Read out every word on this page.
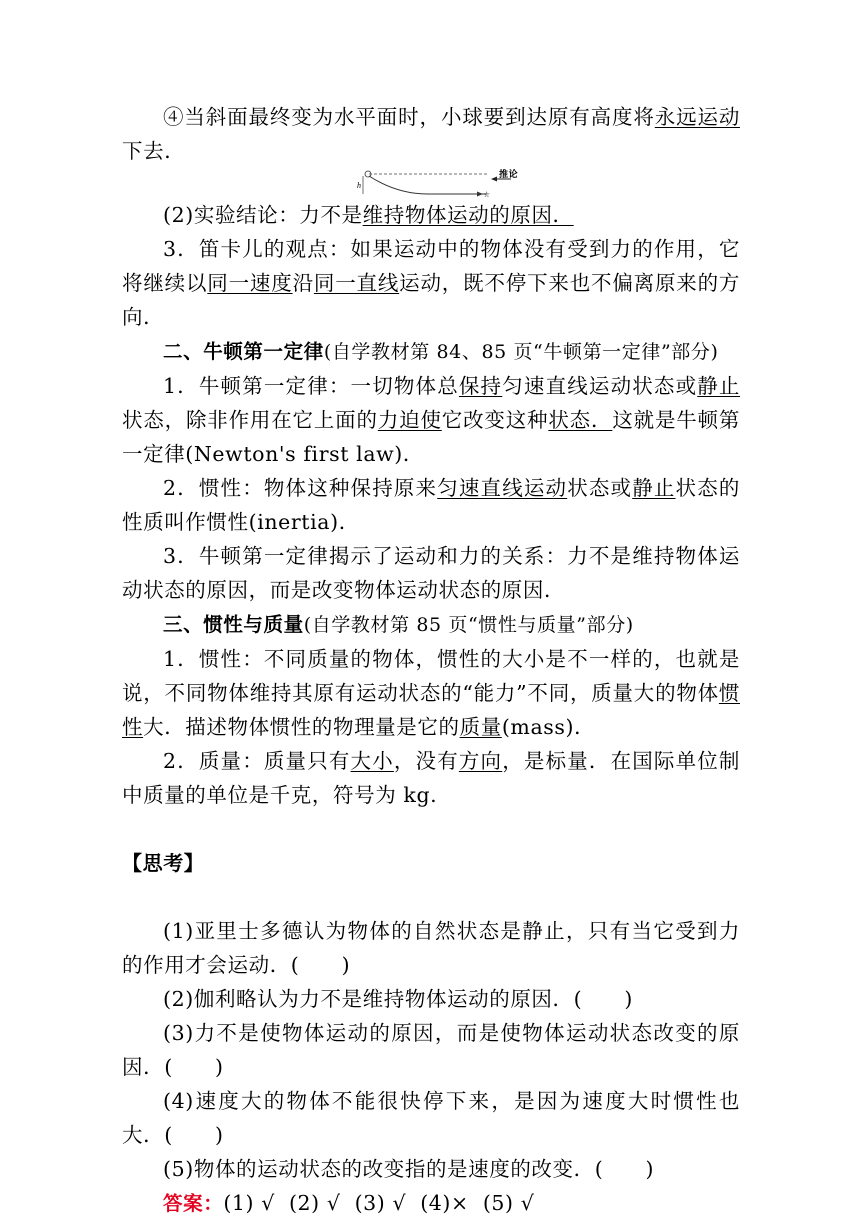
④当斜面最终变为水平面时，小球要到达原有高度将永远运动下去．

h
☆
推论

(2)实验结论：力不是维持物体运动的原因．

3．笛卡儿的观点：如果运动中的物体没有受到力的作用，它将继续以同一速度沿同一直线运动，既不停下来也不偏离原来的方向．

二、牛顿第一定律(自学教材第 84、85 页“牛顿第一定律”部分)

1．牛顿第一定律：一切物体总保持匀速直线运动状态或静止状态，除非作用在它上面的力迫使它改变这种状态．这就是牛顿第一定律(Newton's first law)．

2．惯性：物体这种保持原来匀速直线运动状态或静止状态的性质叫作惯性(inertia)．

3．牛顿第一定律揭示了运动和力的关系：力不是维持物体运动状态的原因，而是改变物体运动状态的原因．

三、惯性与质量(自学教材第 85 页“惯性与质量”部分)

1．惯性：不同质量的物体，惯性的大小是不一样的，也就是说，不同物体维持其原有运动状态的“能力”不同，质量大的物体惯性大．描述物体惯性的物理量是它的质量(mass)．

2．质量：质量只有大小，没有方向，是标量．在国际单位制中质量的单位是千克，符号为 kg.

【思考】

(1)亚里士多德认为物体的自然状态是静止，只有当它受到力的作用才会运动．(　　)

(2)伽利略认为力不是维持物体运动的原因．(　　)

(3)力不是使物体运动的原因，而是使物体运动状态改变的原因．(　　)

(4)速度大的物体不能很快停下来，是因为速度大时惯性也大．(　　)

(5)物体的运动状态的改变指的是速度的改变．(　　)

答案：(1) √ (2) √ (3) √ (4)× (5) √
